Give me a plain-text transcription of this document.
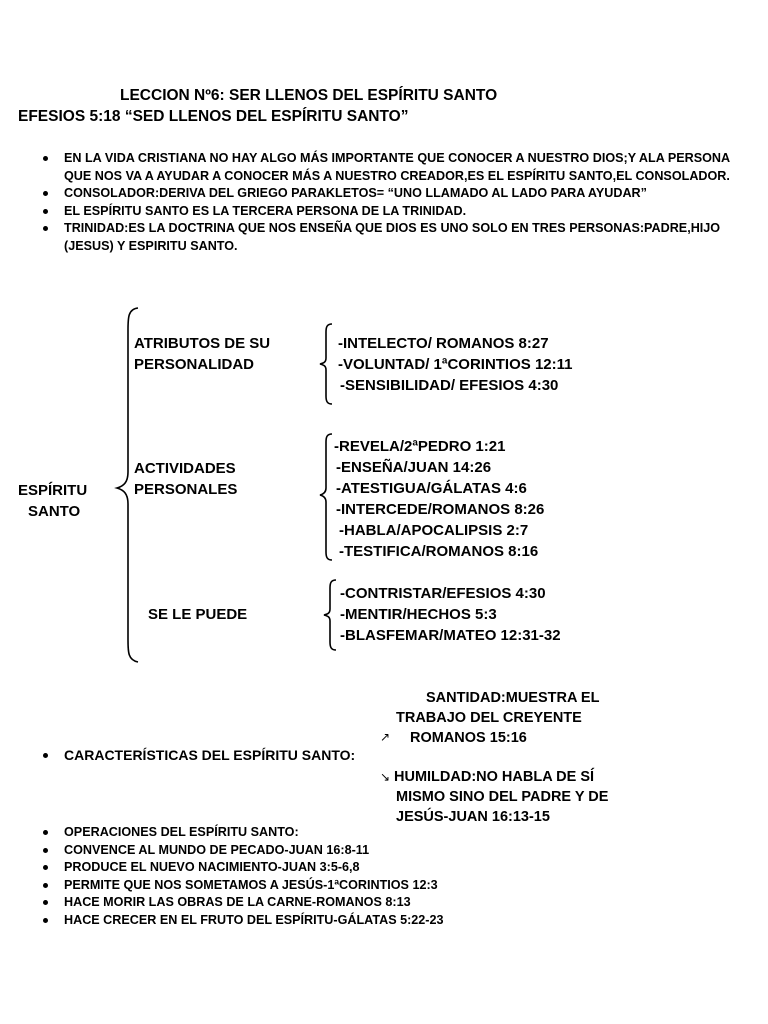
LECCION Nº6: SER LLENOS DEL ESPÍRITU SANTO
EFESIOS 5:18 “SED LLENOS DEL ESPÍRITU SANTO”
EN LA VIDA CRISTIANA NO HAY ALGO MÁS IMPORTANTE QUE CONOCER A NUESTRO DIOS;Y ALA PERSONA QUE NOS VA A AYUDAR A CONOCER MÁS A NUESTRO CREADOR,ES EL ESPÍRITU SANTO,EL CONSOLADOR.
CONSOLADOR:DERIVA DEL GRIEGO PARAKLETOS= “UNO LLAMADO AL LADO PARA AYUDAR”
EL ESPÍRITU SANTO ES LA TERCERA PERSONA DE LA TRINIDAD.
TRINIDAD:ES LA DOCTRINA QUE NOS ENSEÑA QUE DIOS ES UNO SOLO EN TRES PERSONAS:PADRE,HIJO (JESUS) Y ESPIRITU SANTO.
ESPÍRITU
SANTO
ATRIBUTOS DE SU
PERSONALIDAD
-INTELECTO/ ROMANOS 8:27
-VOLUNTAD/ 1ªCORINTIOS 12:11
-SENSIBILIDAD/ EFESIOS 4:30
ACTIVIDADES
PERSONALES
-REVELA/2ªPEDRO 1:21
-ENSEÑA/JUAN 14:26
-ATESTIGUA/GÁLATAS 4:6
-INTERCEDE/ROMANOS 8:26
-HABLA/APOCALIPSIS 2:7
-TESTIFICA/ROMANOS 8:16
SE LE PUEDE
-CONTRISTAR/EFESIOS 4:30
-MENTIR/HECHOS 5:3
-BLASFEMAR/MATEO 12:31-32
SANTIDAD:MUESTRA EL
TRABAJO DEL CREYENTE
ROMANOS 15:16
↗
CARACTERÍSTICAS DEL ESPÍRITU SANTO:
↘ HUMILDAD:NO HABLA DE SÍ
MISMO SINO DEL PADRE Y DE
JESÚS-JUAN 16:13-15
OPERACIONES DEL ESPÍRITU SANTO:
CONVENCE AL MUNDO DE PECADO-JUAN 16:8-11
PRODUCE EL NUEVO NACIMIENTO-JUAN 3:5-6,8
PERMITE QUE NOS SOMETAMOS A JESÚS-1ªCORINTIOS 12:3
HACE MORIR LAS OBRAS DE LA CARNE-ROMANOS 8:13
HACE CRECER EN EL FRUTO DEL ESPÍRITU-GÁLATAS 5:22-23
